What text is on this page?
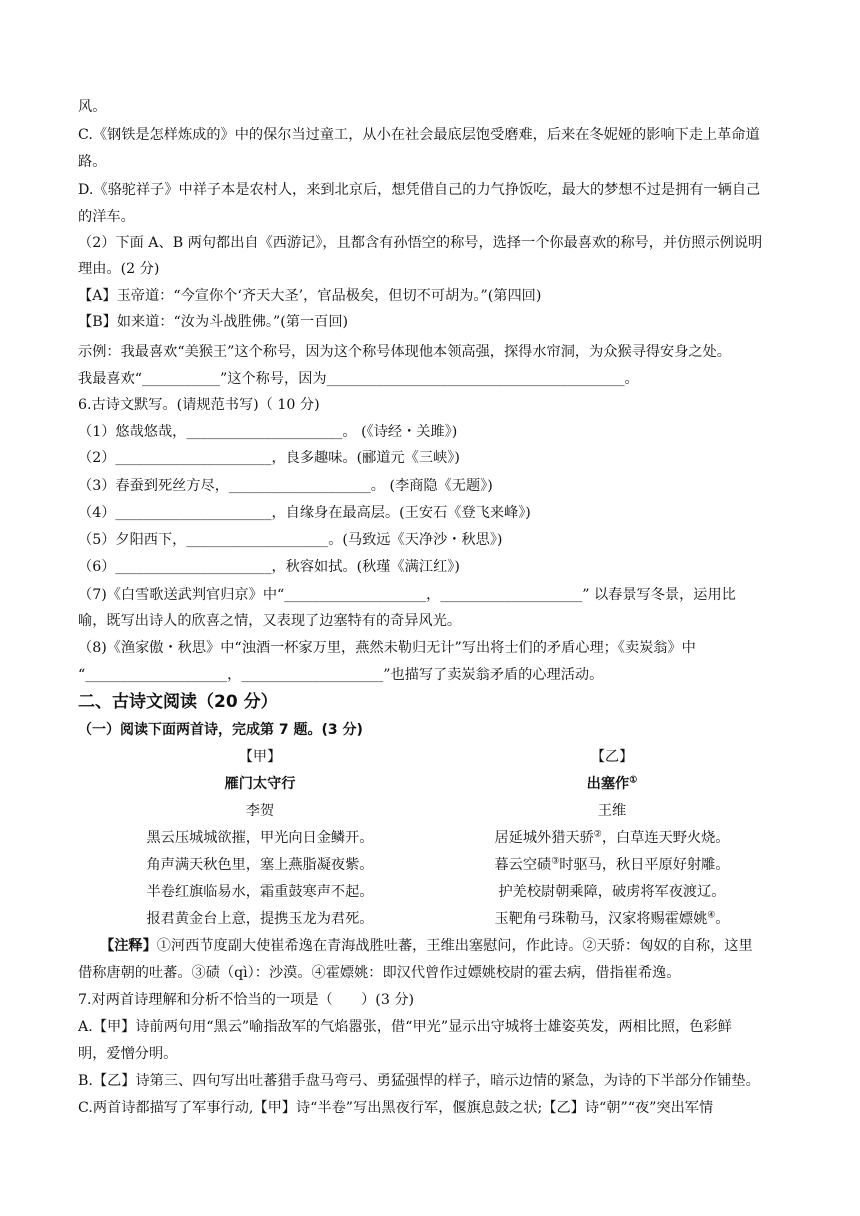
风。
C.《钢铁是怎样炼成的》中的保尔当过童工，从小在社会最底层饱受磨难，后来在冬妮娅的影响下走上革命道
路。
D.《骆驼祥子》中祥子本是农村人，来到北京后，想凭借自己的力气挣饭吃，最大的梦想不过是拥有一辆自己
的洋车。
（2）下面 A、B 两句都出自《西游记》，且都含有孙悟空的称号，选择一个你最喜欢的称号，并仿照示例说明
理由。(2 分)
【A】玉帝道：“今宣你个‘齐天大圣’，官品极矣，但切不可胡为。”(第四回)
【B】如来道：“汝为斗战胜佛。”(第一百回)
示例：我最喜欢“美猴王”这个称号，因为这个称号体现他本领高强，探得水帘洞，为众猴寻得安身之处。
我最喜欢“___________”这个称号，因为__________________________________________。
6.古诗文默写。(请规范书写)（ 10 分)
（1）悠哉悠哉，______________________。 (《诗经・关雎》)
（2）______________________，良多趣味。(郦道元《三峡》)
（3）春蚕到死丝方尽，____________________。 (李商隐《无题》)
（4）______________________，自缘身在最高层。(王安石《登飞来峰》)
（5）夕阳西下，____________________。(马致远《天净沙・秋思》)
（6）______________________，秋容如拭。(秋瑾《满江红》)
（7)《白雪歌送武判官归京》中“____________________，____________________” 以春景写冬景，运用比
喻，既写出诗人的欣喜之情，又表现了边塞特有的奇异风光。
（8)《渔家傲・秋思》中“浊酒一杯家万里，燕然未勒归无计”写出将士们的矛盾心理；《卖炭翁》中
“____________________，____________________”也描写了卖炭翁矛盾的心理活动。
二、古诗文阅读（20 分）
（一）阅读下面两首诗，完成第 7 题。(3 分)
【甲】
雁门太守行
李贺
黑云压城城欲摧，甲光向日金鳞开。
角声满天秋色里，塞上燕脂凝夜紫。
半卷红旗临易水，霜重鼓寒声不起。
报君黄金台上意，提携玉龙为君死。
【乙】
出塞作①
王维
居延城外猎天骄②，白草连天野火烧。
暮云空碛③时驱马，秋日平原好射雕。
护羌校尉朝乘障，破虏将军夜渡辽。
玉靶角弓珠勒马，汉家将赐霍嫖姚④。
【注释】①河西节度副大使崔希逸在青海战胜吐蕃，王维出塞慰问，作此诗。②天骄：匈奴的自称，这里
借称唐朝的吐蕃。③碛（qì）：沙漠。④霍嫖姚：即汉代曾作过嫖姚校尉的霍去病，借指崔希逸。
7.对两首诗理解和分析不恰当的一项是（　　）(3 分)
A.【甲】诗前两句用“黑云”喻指敌军的气焰嚣张，借“甲光”显示出守城将士雄姿英发，两相比照，色彩鲜
明，爱憎分明。
B.【乙】诗第三、四句写出吐蕃猎手盘马弯弓、勇猛强悍的样子，暗示边情的紧急，为诗的下半部分作铺垫。
C.两首诗都描写了军事行动,【甲】诗“半卷”写出黑夜行军，偃旗息鼓之状;【乙】诗“朝”“夜”突出军情
